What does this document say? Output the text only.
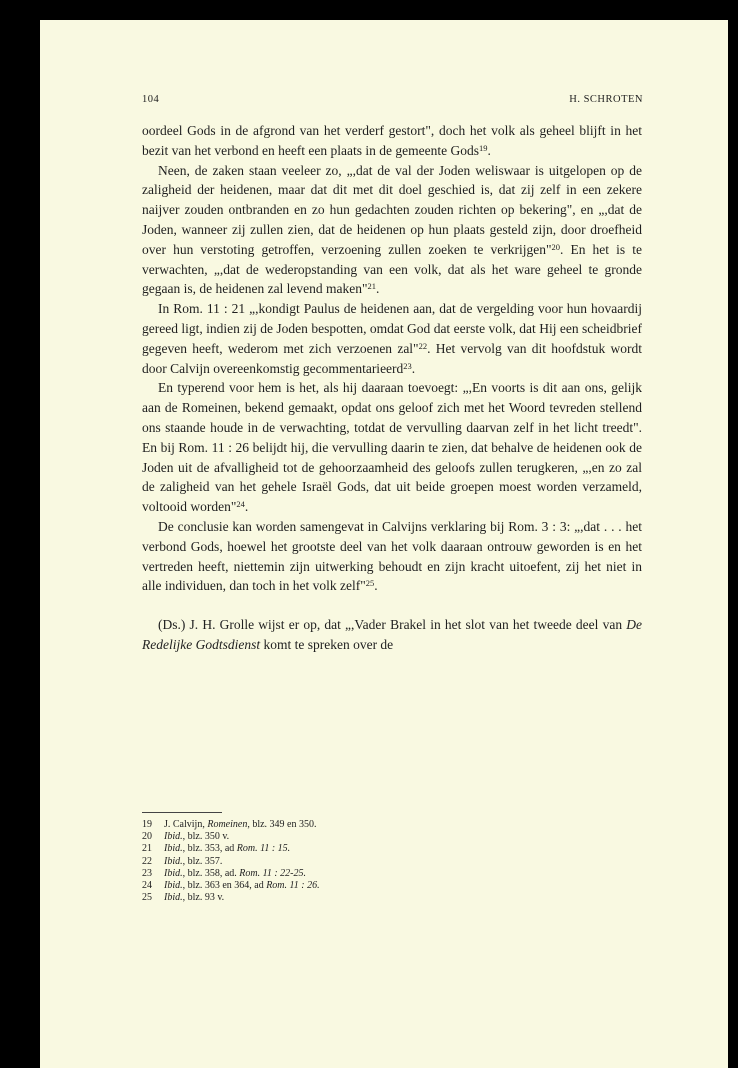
104	H. SCHROTEN

oordeel Gods in de afgrond van het verderf gestort", doch het volk als geheel blijft in het bezit van het verbond en heeft een plaats in de gemeente Gods$^{19}$.

Neen, de zaken staan veeleer zo, „,dat de val der Joden weliswaar is uitgelopen op de zaligheid der heidenen, maar dat dit met dit doel geschied is, dat zij zelf in een zekere naijver zouden ontbranden en zo hun gedachten zouden richten op bekering", en „,dat de Joden, wanneer zij zullen zien, dat de heidenen op hun plaats gesteld zijn, door droefheid over hun verstoting getroffen, verzoening zullen zoeken te verkrijgen"$^{20}$. En het is te verwachten, „,dat de wederopstanding van een volk, dat als het ware geheel te gronde gegaan is, de heidenen zal levend maken"$^{21}$.

In Rom. 11 : 21 „,kondigt Paulus de heidenen aan, dat de vergelding voor hun hovaardij gereed ligt, indien zij de Joden bespotten, omdat God dat eerste volk, dat Hij een scheidbrief gegeven heeft, wederom met zich verzoenen zal"$^{22}$. Het vervolg van dit hoofdstuk wordt door Calvijn overeenkomstig gecommentarieerd$^{23}$.

En typerend voor hem is het, als hij daaraan toevoegt: „,En voorts is dit aan ons, gelijk aan de Romeinen, bekend gemaakt, opdat ons geloof zich met het Woord tevreden stellend ons staande houde in de verwachting, totdat de vervulling daarvan zelf in het licht treedt". En bij Rom. 11 : 26 belijdt hij, die vervulling daarin te zien, dat behalve de heidenen ook de Joden uit de afvalligheid tot de gehoorzaamheid des geloofs zullen terugkeren, „,en zo zal de zaligheid van het gehele Israël Gods, dat uit beide groepen moest worden verzameld, voltooid worden"$^{24}$.

De conclusie kan worden samengevat in Calvijns verklaring bij Rom. 3 : 3: „,dat . . . het verbond Gods, hoewel het grootste deel van het volk daaraan ontrouw geworden is en het vertreden heeft, niettemin zijn uitwerking behoudt en zijn kracht uitoefent, zij het niet in alle individuen, dan toch in het volk zelf"$^{25}$.

(Ds.) J. H. Grolle wijst er op, dat „,Vader Brakel in het slot van het tweede deel van De Redelijke Godtsdienst komt te spreken over de

19 J. Calvijn, Romeinen, blz. 349 en 350.
20 Ibid., blz. 350 v.
21 Ibid., blz. 353, ad Rom. 11 : 15.
22 Ibid., blz. 357.
23 Ibid., blz. 358, ad. Rom. 11 : 22-25.
24 Ibid., blz. 363 en 364, ad Rom. 11 : 26.
25 Ibid., blz. 93 v.
